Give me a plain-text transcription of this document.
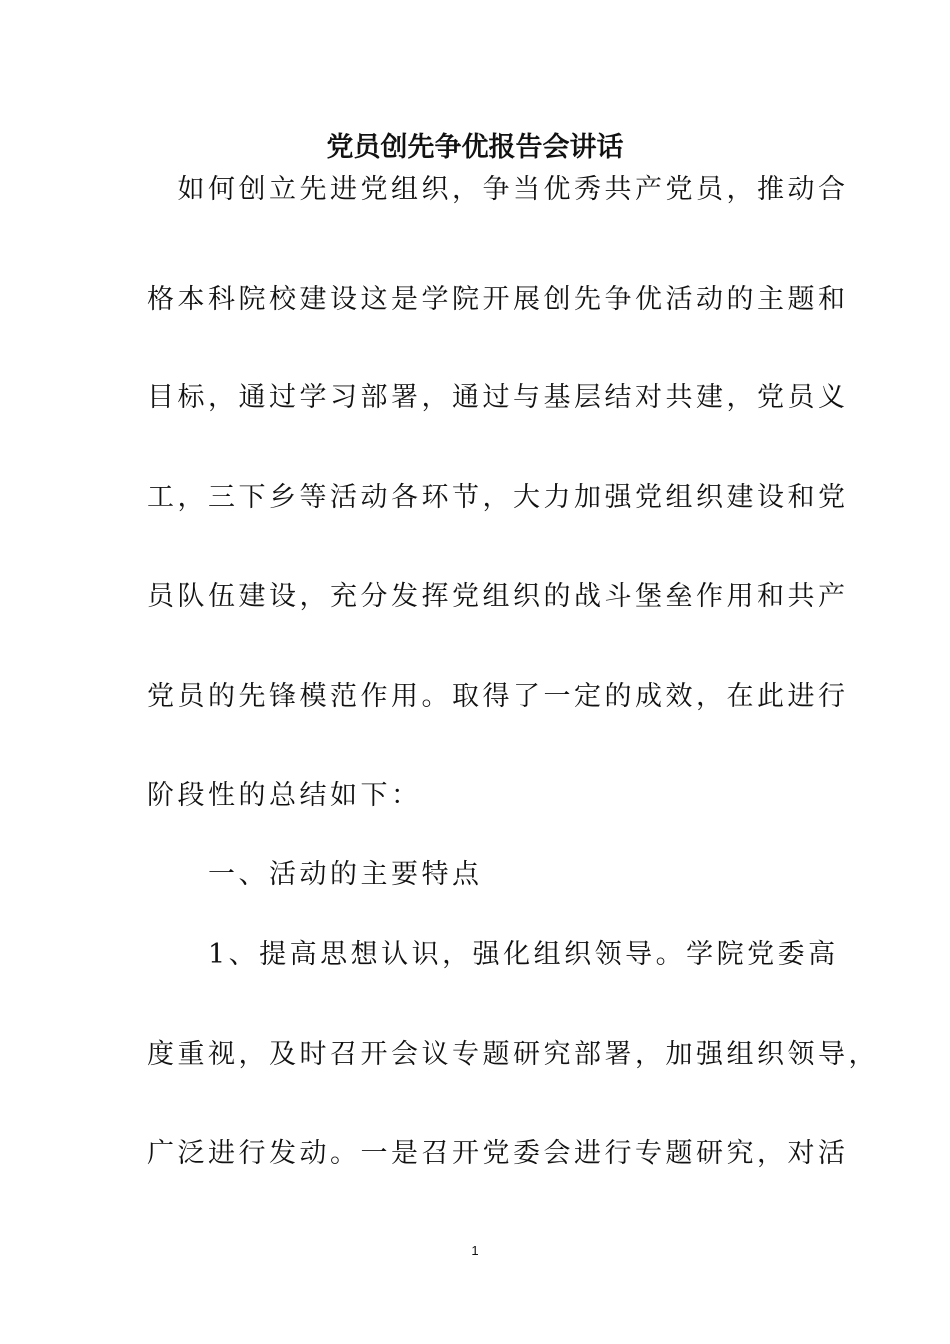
党员创先争优报告会讲话
　如何创立先进党组织，争当优秀共产党员，推动合
格本科院校建设这是学院开展创先争优活动的主题和
目标，通过学习部署，通过与基层结对共建，党员义
工，三下乡等活动各环节，大力加强党组织建设和党
员队伍建设，充分发挥党组织的战斗堡垒作用和共产
党员的先锋模范作用。取得了一定的成效，在此进行
阶段性的总结如下：
　　一、活动的主要特点
　　1、提高思想认识，强化组织领导。学院党委高
度重视，及时召开会议专题研究部署，加强组织领导，
广泛进行发动。一是召开党委会进行专题研究，对活
1
